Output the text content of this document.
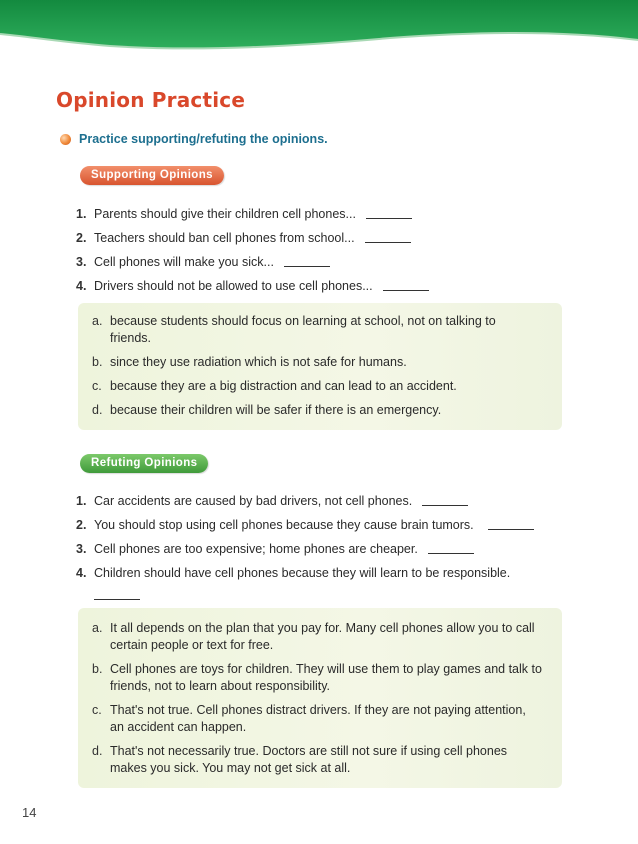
Opinion Practice
Practice supporting/refuting the opinions.
Supporting Opinions
1. Parents should give their children cell phones...
2. Teachers should ban cell phones from school...
3. Cell phones will make you sick...
4. Drivers should not be allowed to use cell phones...
a. because students should focus on learning at school, not on talking to friends.
b. since they use radiation which is not safe for humans.
c. because they are a big distraction and can lead to an accident.
d. because their children will be safer if there is an emergency.
Refuting Opinions
1. Car accidents are caused by bad drivers, not cell phones.
2. You should stop using cell phones because they cause brain tumors.
3. Cell phones are too expensive; home phones are cheaper.
4. Children should have cell phones because they will learn to be responsible.
a. It all depends on the plan that you pay for. Many cell phones allow you to call certain people or text for free.
b. Cell phones are toys for children. They will use them to play games and talk to friends, not to learn about responsibility.
c. That's not true. Cell phones distract drivers. If they are not paying attention, an accident can happen.
d. That's not necessarily true. Doctors are still not sure if using cell phones makes you sick. You may not get sick at all.
14
